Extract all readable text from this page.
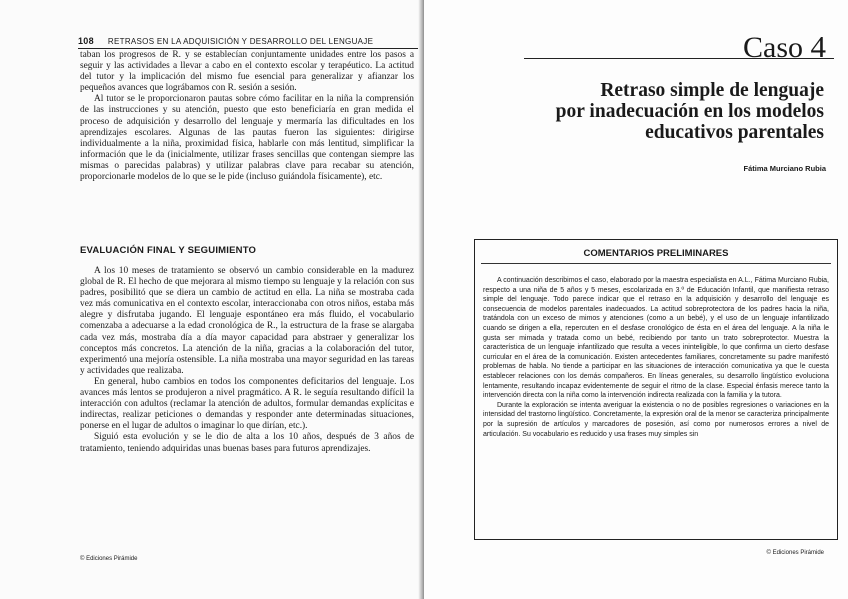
108 RETRASOS EN LA ADQUISICIÓN Y DESARROLLO DEL LENGUAJE

taban los progresos de R. y se establecían conjuntamente unidades entre los pasos a seguir y las actividades a llevar a cabo en el contexto escolar y terapéutico. La actitud del tutor y la implicación del mismo fue esencial para generalizar y afianzar los pequeños avances que lográbamos con R. sesión a sesión.

Al tutor se le proporcionaron pautas sobre cómo facilitar en la niña la comprensión de las instrucciones y su atención, puesto que esto beneficiaría en gran medida el proceso de adquisición y desarrollo del lenguaje y mermaría las dificultades en los aprendizajes escolares. Algunas de las pautas fueron las siguientes: dirigirse individualmente a la niña, proximidad física, hablarle con más lentitud, simplificar la información que le da (inicialmente, utilizar frases sencillas que contengan siempre las mismas o parecidas palabras) y utilizar palabras clave para recabar su atención, proporcionarle modelos de lo que se le pide (incluso guiándola físicamente), etc.

EVALUACIÓN FINAL Y SEGUIMIENTO

A los 10 meses de tratamiento se observó un cambio considerable en la madurez global de R. El hecho de que mejorara al mismo tiempo su lenguaje y la relación con sus padres, posibilitó que se diera un cambio de actitud en ella. La niña se mostraba cada vez más comunicativa en el contexto escolar, interaccionaba con otros niños, estaba más alegre y disfrutaba jugando. El lenguaje espontáneo era más fluido, el vocabulario comenzaba a adecuarse a la edad cronológica de R., la estructura de la frase se alargaba cada vez más, mostraba día a día mayor capacidad para abstraer y generalizar los conceptos más concretos. La atención de la niña, gracias a la colaboración del tutor, experimentó una mejoría ostensible. La niña mostraba una mayor seguridad en las tareas y actividades que realizaba.

En general, hubo cambios en todos los componentes deficitarios del lenguaje. Los avances más lentos se produjeron a nivel pragmático. A R. le seguía resultando difícil la interacción con adultos (reclamar la atención de adultos, formular demandas explícitas e indirectas, realizar peticiones o demandas y responder ante determinadas situaciones, ponerse en el lugar de adultos o imaginar lo que dirían, etc.).

Siguió esta evolución y se le dio de alta a los 10 años, después de 3 años de tratamiento, teniendo adquiridas unas buenas bases para futuros aprendizajes.

© Ediciones Pirámide
Caso 4
Retraso simple de lenguaje
por inadecuación en los modelos
educativos parentales
Fátima Murciano Rubia
COMENTARIOS PRELIMINARES

A continuación describimos el caso, elaborado por la maestra especialista en A.L., Fátima Murciano Rubia, respecto a una niña de 5 años y 5 meses, escolarizada en 3.º de Educación Infantil, que manifiesta retraso simple del lenguaje. Todo parece indicar que el retraso en la adquisición y desarrollo del lenguaje es consecuencia de modelos parentales inadecuados. La actitud sobreprotectora de los padres hacia la niña, tratándola con un exceso de mimos y atenciones (como a un bebé), y el uso de un lenguaje infantilizado cuando se dirigen a ella, repercuten en el desfase cronológico de ésta en el área del lenguaje. A la niña le gusta ser mimada y tratada como un bebé, recibiendo por tanto un trato sobreprotector. Muestra la característica de un lenguaje infantilizado que resulta a veces ininteligible, lo que confirma un cierto desfase curricular en el área de la comunicación. Existen antecedentes familiares, concretamente su padre manifestó problemas de habla. No tiende a participar en las situaciones de interacción comunicativa ya que le cuesta establecer relaciones con los demás compañeros. En líneas generales, su desarrollo lingüístico evoluciona lentamente, resultando incapaz evidentemente de seguir el ritmo de la clase. Especial énfasis merece tanto la intervención directa con la niña como la intervención indirecta realizada con la familia y la tutora.

Durante la exploración se intenta averiguar la existencia o no de posibles regresiones o variaciones en la intensidad del trastorno lingüístico. Concretamente, la expresión oral de la menor se caracteriza principalmente por la supresión de artículos y marcadores de posesión, así como por numerosos errores a nivel de articulación. Su vocabulario es reducido y usa frases muy simples sin

© Ediciones Pirámide
